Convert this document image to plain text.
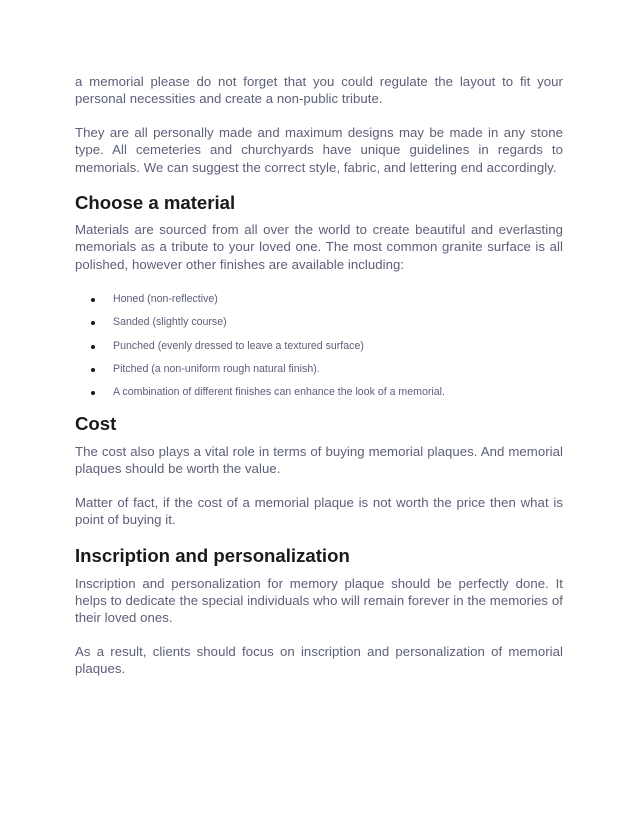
a memorial please do not forget that you could regulate the layout to fit your personal necessities and create a non-public tribute.

They are all personally made and maximum designs may be made in any stone type. All cemeteries and churchyards have unique guidelines in regards to memorials. We can suggest the correct style, fabric, and lettering end accordingly.

Choose a material

Materials are sourced from all over the world to create beautiful and everlasting memorials as a tribute to your loved one. The most common granite surface is all polished, however other finishes are available including:

Honed (non-reflective)
Sanded (slightly course)
Punched (evenly dressed to leave a textured surface)
Pitched (a non-uniform rough natural finish).
A combination of different finishes can enhance the look of a memorial.
Cost

The cost also plays a vital role in terms of buying memorial plaques. And memorial plaques should be worth the value.

Matter of fact, if the cost of a memorial plaque is not worth the price then what is point of buying it.

Inscription and personalization

Inscription and personalization for memory plaque should be perfectly done. It helps to dedicate the special individuals who will remain forever in the memories of their loved ones.

As a result, clients should focus on inscription and personalization of memorial plaques.
